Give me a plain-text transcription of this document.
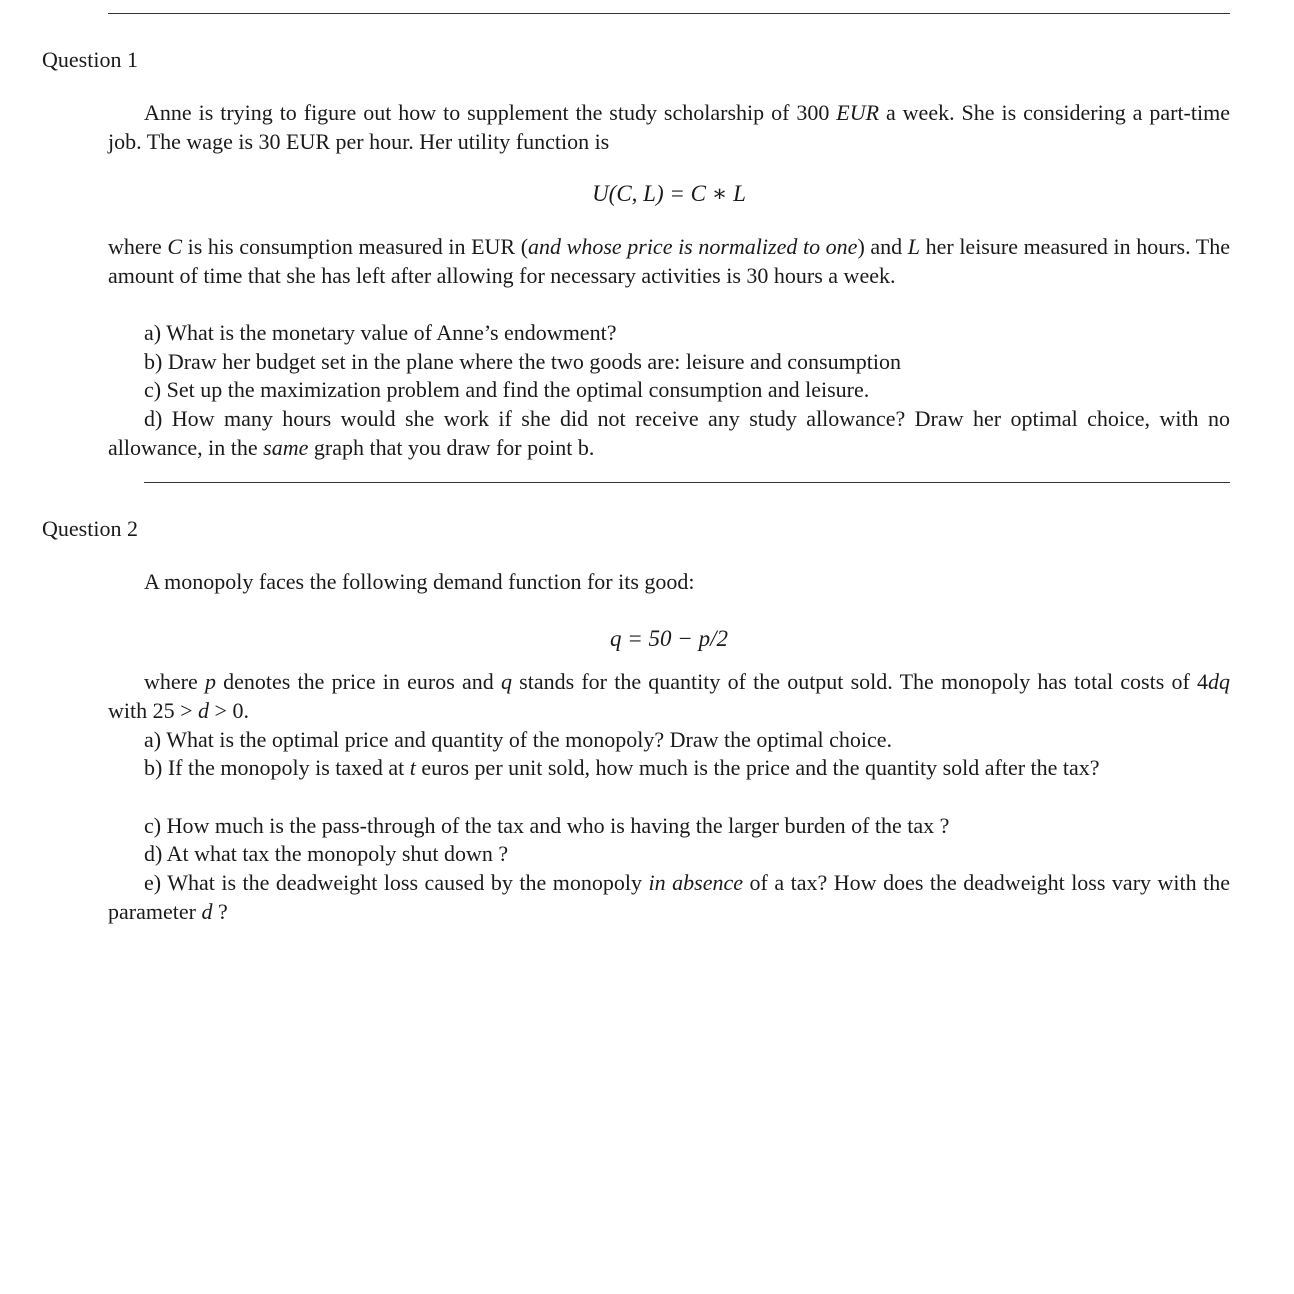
Question 1

Anne is trying to figure out how to supplement the study scholarship of 300 EUR a week. She is considering a part-time job. The wage is 30 EUR per hour. Her utility function is

U(C, L) = C ∗ L

where C is his consumption measured in EUR (and whose price is normalized to one) and L her leisure measured in hours. The amount of time that she has left after allowing for necessary activities is 30 hours a week.

a) What is the monetary value of Anne’s endowment?

b) Draw her budget set in the plane where the two goods are: leisure and consumption

c) Set up the maximization problem and find the optimal consumption and leisure.

d) How many hours would she work if she did not receive any study allowance? Draw her optimal choice, with no allowance, in the same graph that you draw for point b.

Question 2

A monopoly faces the following demand function for its good:

q = 50 − p/2

where p denotes the price in euros and q stands for the quantity of the output sold. The monopoly has total costs of 4dq with 25 > d > 0.

a) What is the optimal price and quantity of the monopoly? Draw the optimal choice.

b) If the monopoly is taxed at t euros per unit sold, how much is the price and the quantity sold after the tax?

c) How much is the pass-through of the tax and who is having the larger burden of the tax ?

d) At what tax the monopoly shut down ?

e) What is the deadweight loss caused by the monopoly in absence of a tax? How does the deadweight loss vary with the parameter d ?
